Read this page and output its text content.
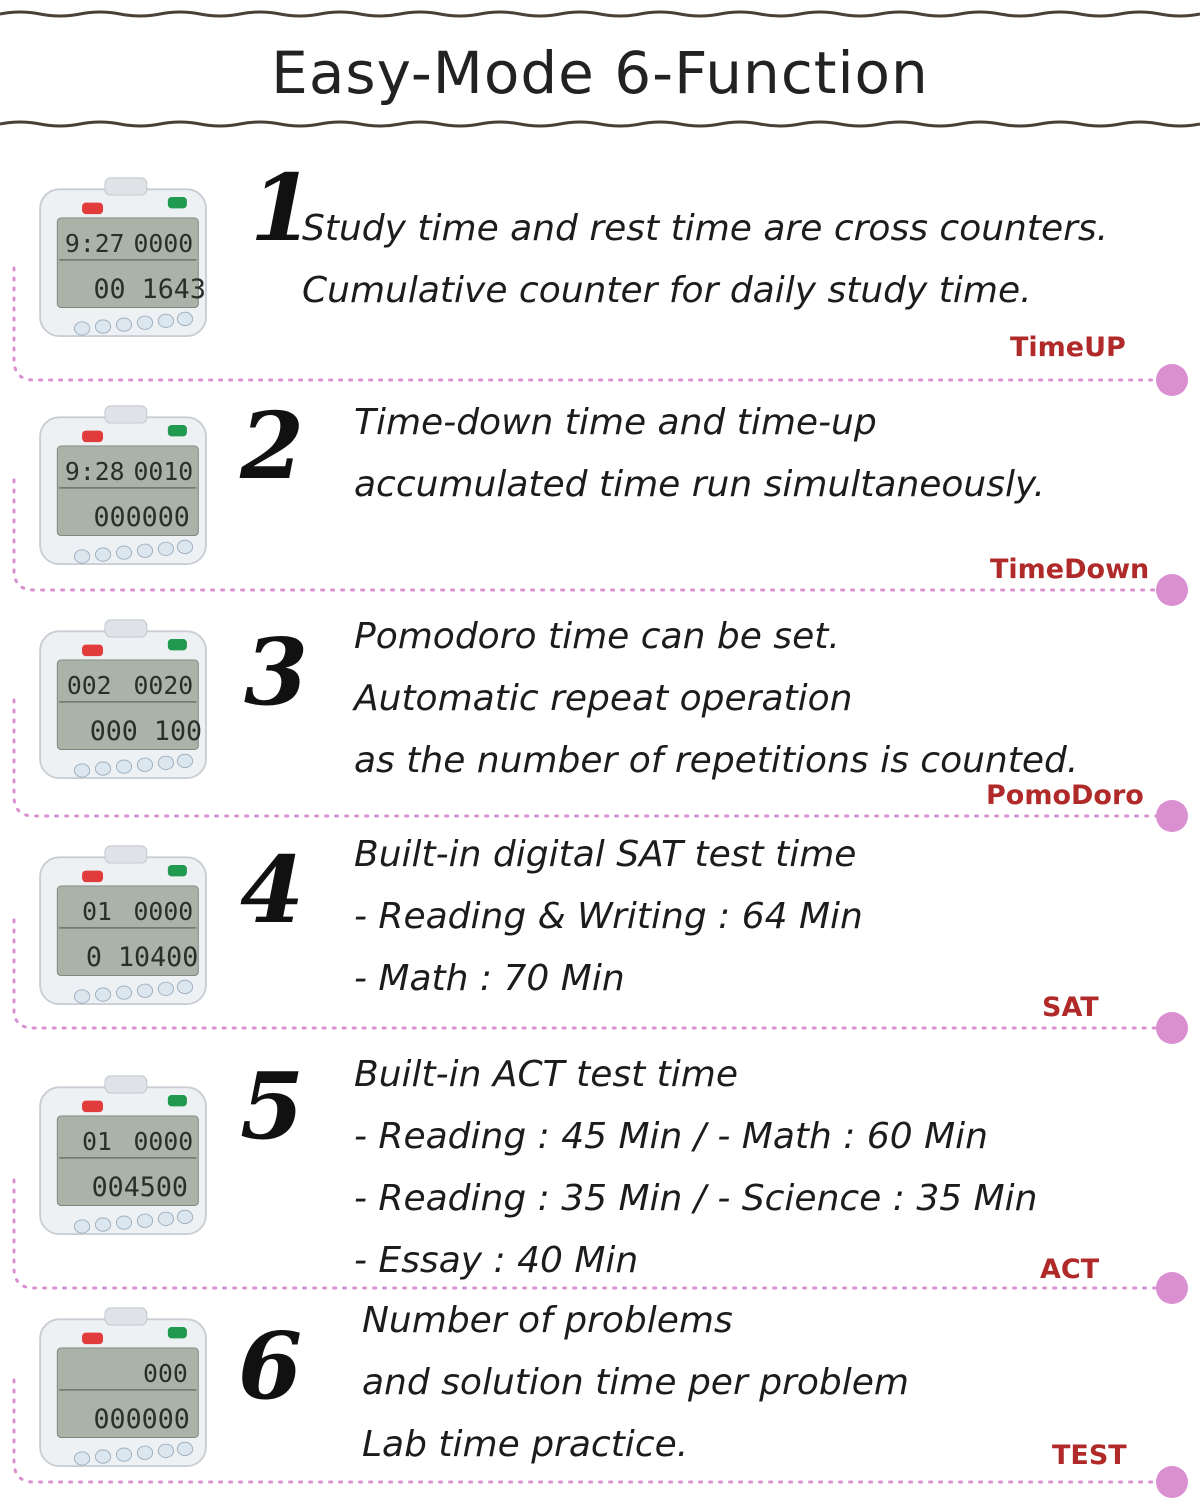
Easy-Mode 6-Function
9:27 0000
00 1643
1
Study time and rest time are cross counters.
Cumulative counter for daily study time.
TimeUP
9:28 0010
000000
2 Time-down time and time-up
accumulated time run simultaneously.
TimeDown
002 0020
000 100
3 Pomodoro time can be set.
Automatic repeat operation
as the number of repetitions is counted.
PomoDoro
01 0000
0 10400
4 Built-in digital SAT test time
- Reading & Writing : 64 Min
- Math : 70 Min
SAT
01 0000
004500
5 Built-in ACT test time
- Reading : 45 Min / - Math : 60 Min
- Reading : 35 Min / - Science : 35 Min
- Essay : 40 Min	ACT
000
000000 6 Number of problems
and solution time per problem
Lab time practice.	TEST
